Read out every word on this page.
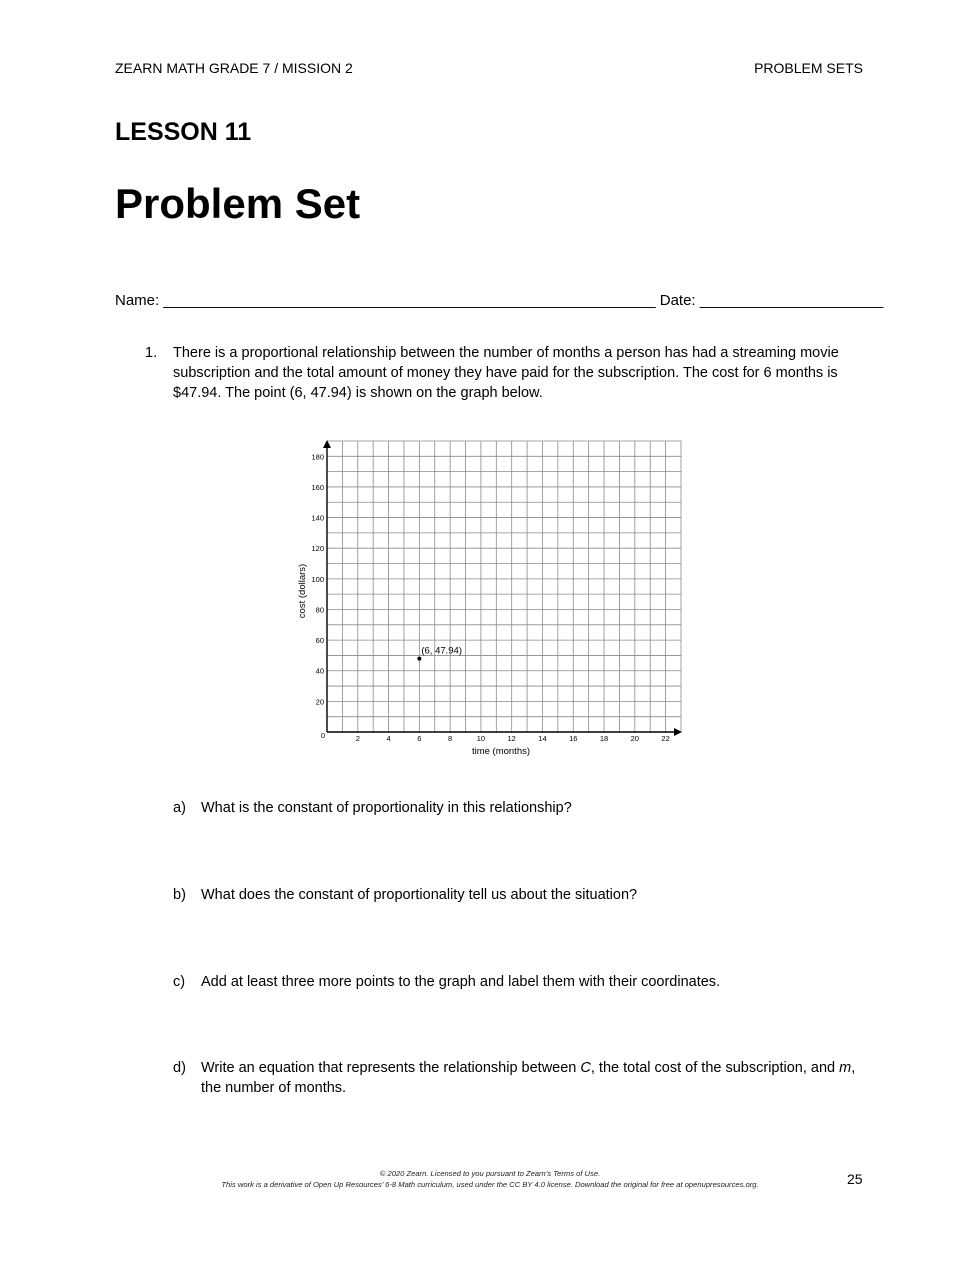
ZEARN MATH GRADE 7 / MISSION 2	PROBLEM SETS
LESSON 11
Problem Set
Name: ___________________________________________________________ Date: ______________________
1. There is a proportional relationship between the number of months a person has had a streaming movie subscription and the total amount of money they have paid for the subscription. The cost for 6 months is $47.94. The point (6, 47.94) is shown on the graph below.
2	4	6	8	10	12	14	16	18	20	22
20
40
60
80
100
120
140
160
180
0
time (months)
cost (dollars)
(6, 47.94)
a) What is the constant of proportionality in this relationship?
b) What does the constant of proportionality tell us about the situation?
c) Add at least three more points to the graph and label them with their coordinates.
d) Write an equation that represents the relationship between C, the total cost of the subscription, and m, the number of months.
© 2020 Zearn. Licensed to you pursuant to Zearn’s Terms of Use.
This work is a derivative of Open Up Resources’ 6-8 Math curriculum, used under the CC BY 4.0 license. Download the original for free at openupresources.org.	25
